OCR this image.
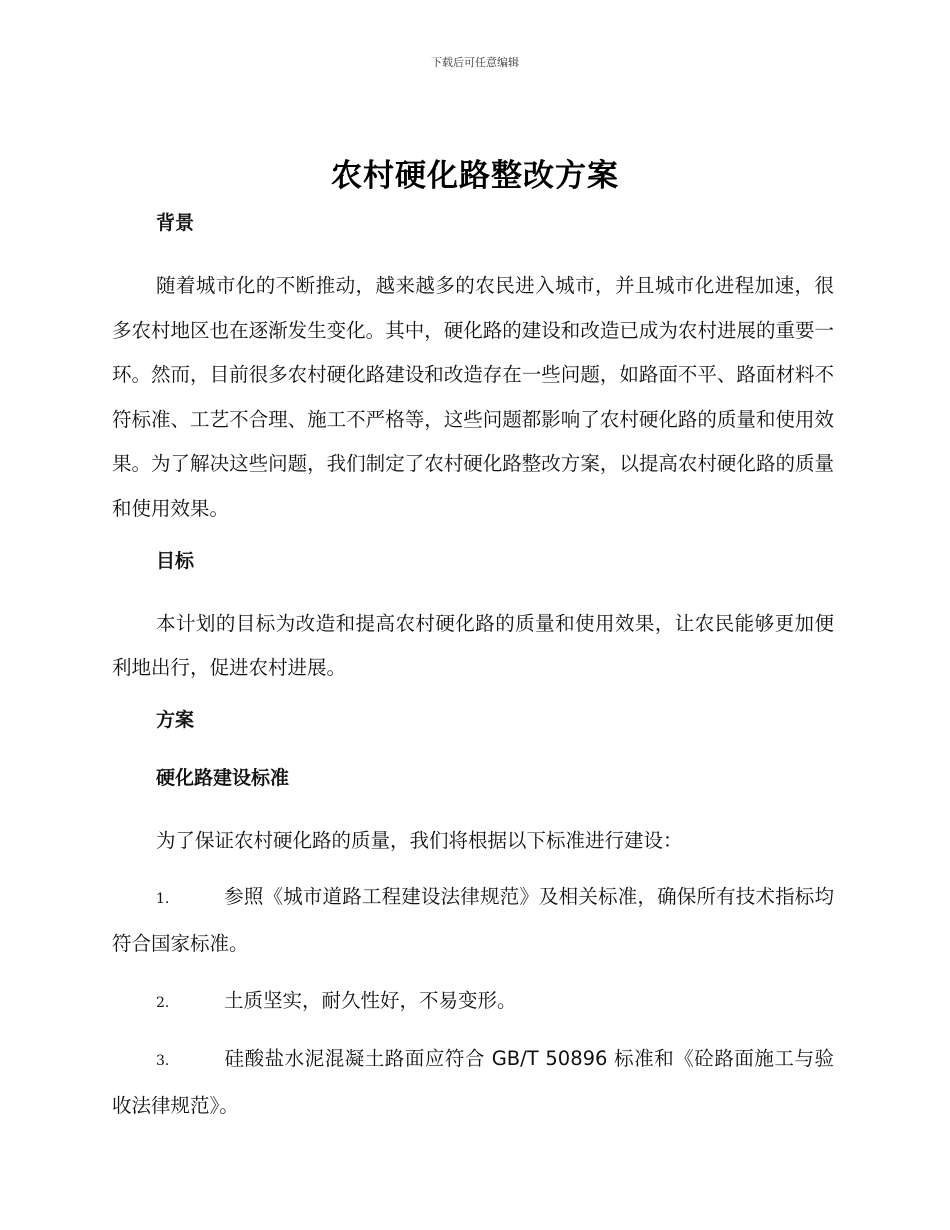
下载后可任意编辑
农村硬化路整改方案
背景

随着城市化的不断推动，越来越多的农民进入城市，并且城市化进程加速，很多农村地区也在逐渐发生变化。其中，硬化路的建设和改造已成为农村进展的重要一环。然而，目前很多农村硬化路建设和改造存在一些问题，如路面不平、路面材料不符标准、工艺不合理、施工不严格等，这些问题都影响了农村硬化路的质量和使用效果。为了解决这些问题，我们制定了农村硬化路整改方案，以提高农村硬化路的质量和使用效果。

目标

本计划的目标为改造和提高农村硬化路的质量和使用效果，让农民能够更加便利地出行，促进农村进展。

方案
硬化路建设标准

为了保证农村硬化路的质量，我们将根据以下标准进行建设：

1.	参照《城市道路工程建设法律规范》及相关标准，确保所有技术指标均符合国家标准。
2.	土质坚实，耐久性好，不易变形。
3.	硅酸盐水泥混凝土路面应符合 GB/T 50896 标准和《砼路面施工与验收法律规范》。
